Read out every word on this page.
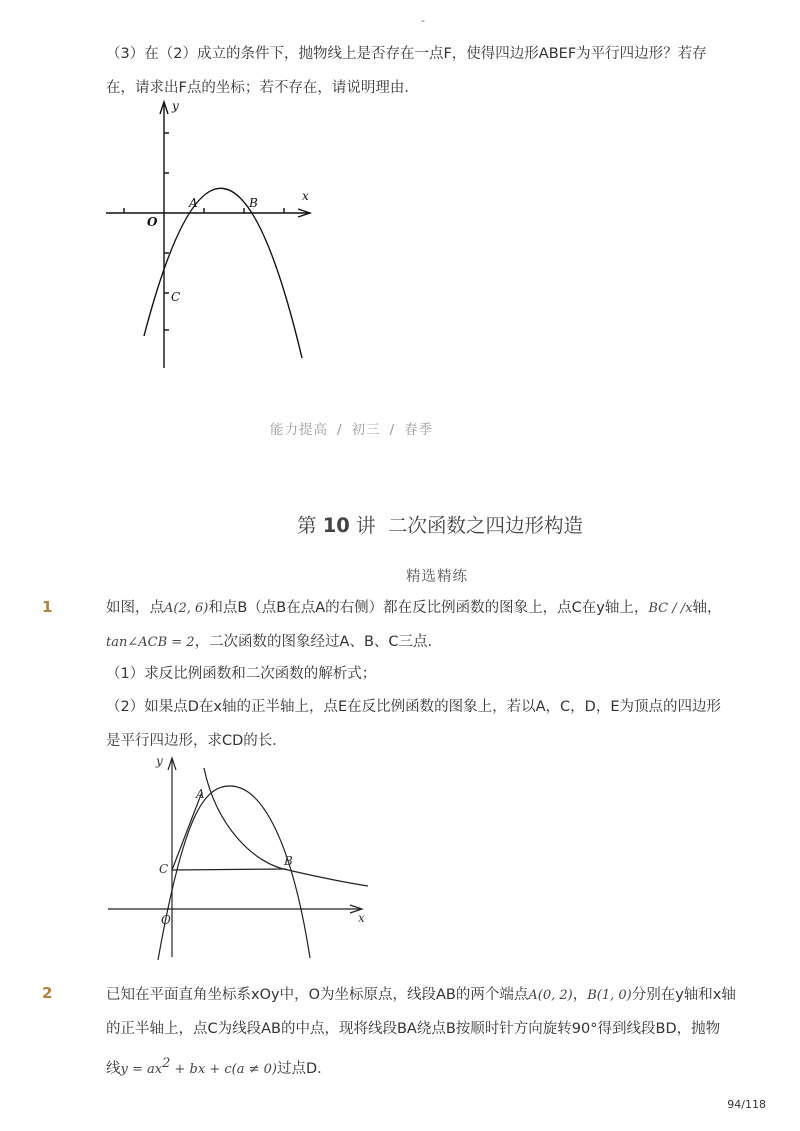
-
（3）在（2）成立的条件下，抛物线上是否存在一点F，使得四边形ABEF为平行四边形？若存
在，请求出F点的坐标；若不存在，请说明理由．
y
x
O
A	B
C
能力提高 / 初三 / 春季
第 10 讲 二次函数之四边形构造
精选精练
1	如图，点A(2, 6)和点B（点B在点A的右侧）都在反比例函数的图象上，点C在y轴上，BC / /x轴，
tan∠ACB = 2，二次函数的图象经过A、B、C三点．
（1）求反比例函数和二次函数的解析式；
（2）如果点D在x轴的正半轴上，点E在反比例函数的图象上，若以A，C，D，E为顶点的四边形
是平行四边形，求CD的长．
y
x
O
A
B
C
2	已知在平面直角坐标系xOy中，O为坐标原点，线段AB的两个端点A(0, 2)，B(1, 0)分别在y轴和x轴
的正半轴上，点C为线段AB的中点，现将线段BA绕点B按顺时针方向旋转90°得到线段BD，抛物
线$y = ax^2$ + bx + c(a ≠ 0)过点D．
94/118
